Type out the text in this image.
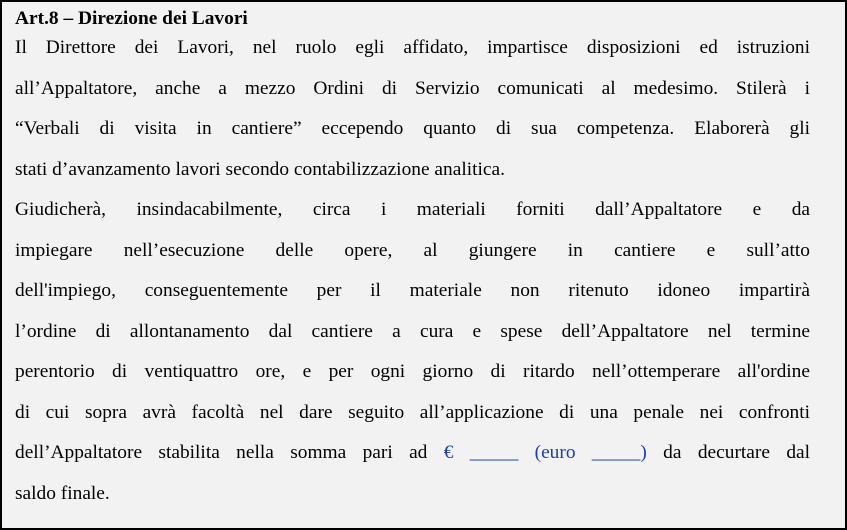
Art.8 – Direzione dei Lavori
Il Direttore dei Lavori, nel ruolo egli affidato, impartisce disposizioni ed istruzioni
all’Appaltatore, anche a mezzo Ordini di Servizio comunicati al medesimo. Stilerà i
“Verbali di visita in cantiere” eccependo quanto di sua competenza. Elaborerà gli
stati d’avanzamento lavori secondo contabilizzazione analitica.
Giudicherà, insindacabilmente, circa i materiali forniti dall’Appaltatore e da
impiegare nell’esecuzione delle opere, al giungere in cantiere e sull’atto
dell'impiego, conseguentemente per il materiale non ritenuto idoneo impartirà
l’ordine di allontanamento dal cantiere a cura e spese dell’Appaltatore nel termine
perentorio di ventiquattro ore, e per ogni giorno di ritardo nell’ottemperare all'ordine
di cui sopra avrà facoltà nel dare seguito all’applicazione di una penale nei confronti
dell’Appaltatore stabilita nella somma pari ad € _____ (euro _____) da decurtare dal
saldo finale.
